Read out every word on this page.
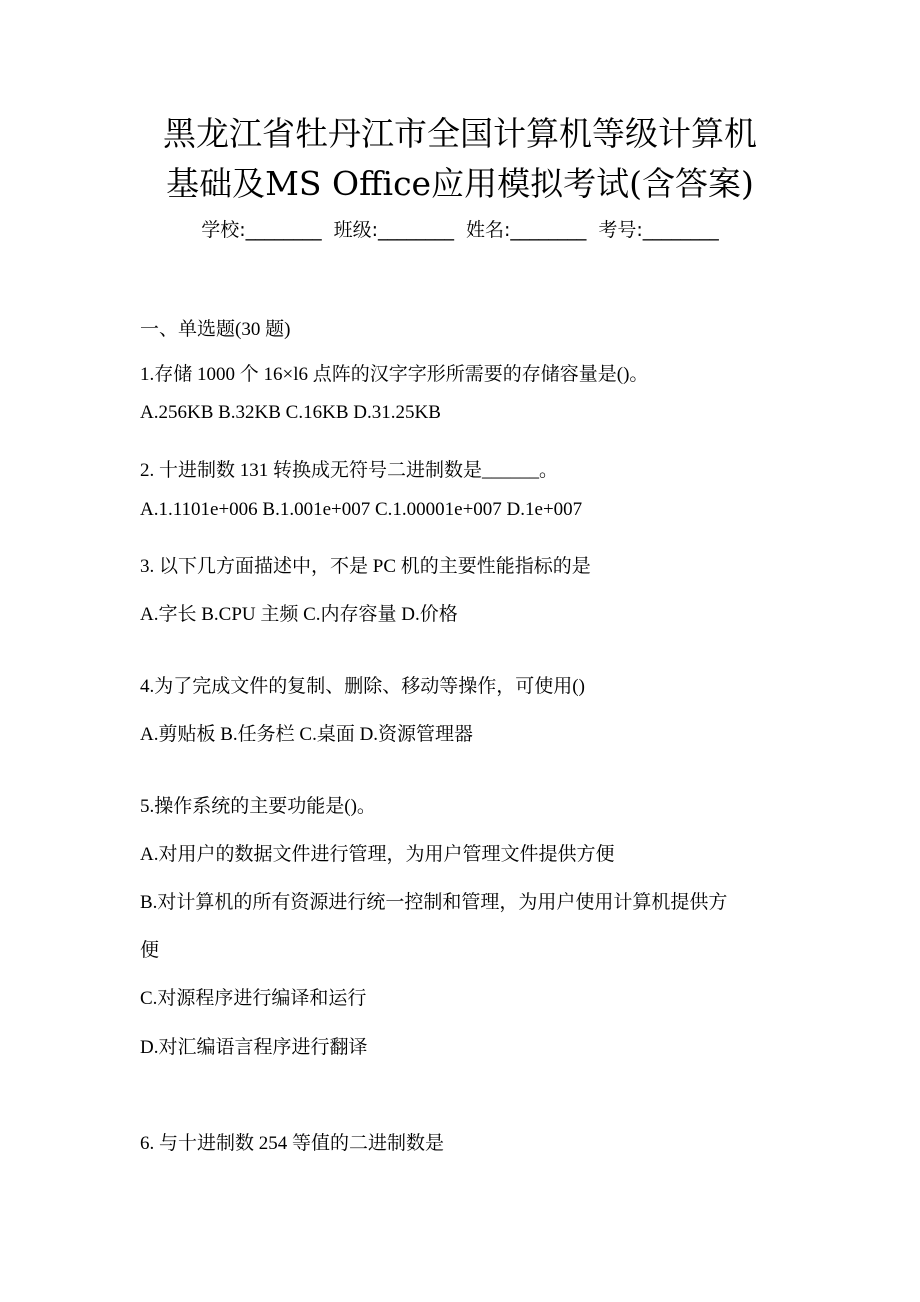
黑龙江省牡丹江市全国计算机等级计算机
基础及MS Office应用模拟考试(含答案)
学校:________ 班级:________ 姓名:________ 考号:________
一、单选题(30 题)
1.存储 1000 个 16×l6 点阵的汉字字形所需要的存储容量是()。
A.256KB B.32KB C.16KB D.31.25KB
2. 十进制数 131 转换成无符号二进制数是______。
A.1.1101e+006 B.1.001e+007 C.1.00001e+007 D.1e+007
3. 以下几方面描述中，不是 PC 机的主要性能指标的是
A.字长 B.CPU 主频 C.内存容量 D.价格
4.为了完成文件的复制、删除、移动等操作，可使用()
A.剪贴板 B.任务栏 C.桌面 D.资源管理器
5.操作系统的主要功能是()。
A.对用户的数据文件进行管理，为用户管理文件提供方便
B.对计算机的所有资源进行统一控制和管理，为用户使用计算机提供方
便
C.对源程序进行编译和运行
D.对汇编语言程序进行翻译
6. 与十进制数 254 等值的二进制数是
